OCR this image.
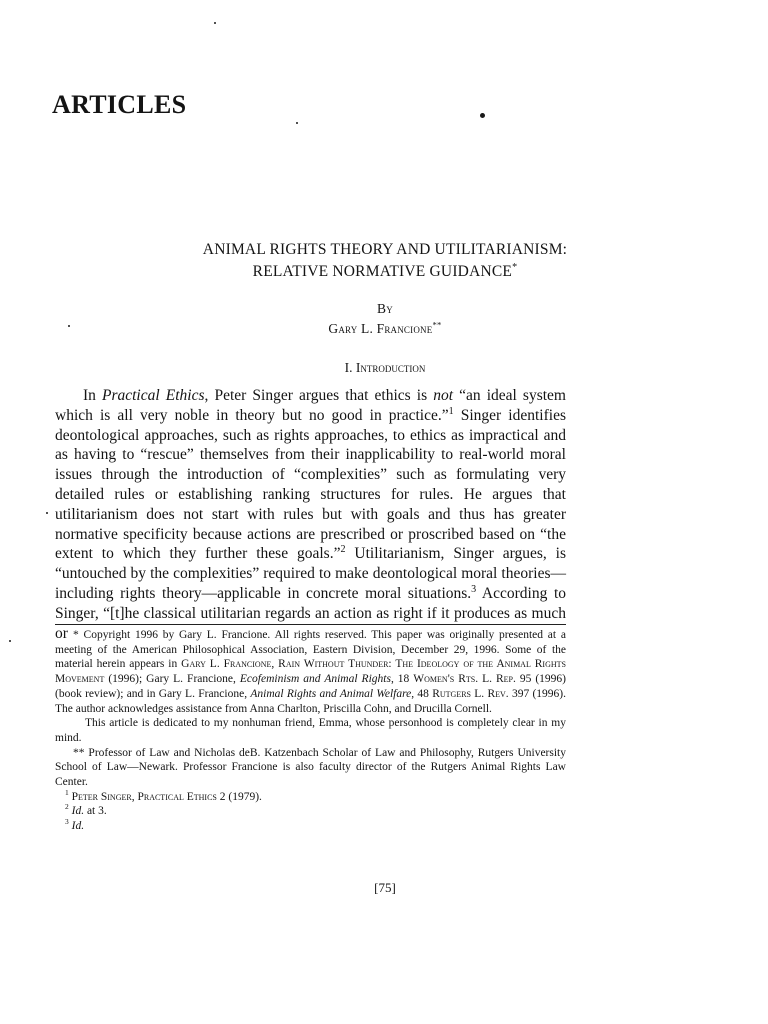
ARTICLES
ANIMAL RIGHTS THEORY AND UTILITARIANISM:
RELATIVE NORMATIVE GUIDANCE*
By
Gary L. Francione**
I. Introduction

In Practical Ethics, Peter Singer argues that ethics is not “an ideal system which is all very noble in theory but no good in practice.”$^1$ Singer identifies deontological approaches, such as rights approaches, to ethics as impractical and as having to “rescue” themselves from their inapplicability to real-world moral issues through the introduction of “complexities” such as formulating very detailed rules or establishing ranking structures for rules. He argues that utilitarianism does not start with rules but with goals and thus has greater normative specificity because actions are prescribed or proscribed based on “the extent to which they further these goals.”$^2$ Utilitarianism, Singer argues, is “untouched by the complexities” required to make deontological moral theories—including rights theory—applicable in concrete moral situations.$^3$ According to Singer, “[t]he classical utilitarian regards an action as right if it produces as much or * Copyright 1996 by Gary L. Francione. All rights reserved. This paper was originally presented at a meeting of the American Philosophical Association, Eastern Division, December 29, 1996. Some of the material herein appears in Gary L. Francione, Rain Without Thunder: The Ideology of the Animal Rights Movement (1996); Gary L. Francione, Ecofeminism and Animal Rights, 18 Women's Rts. L. Rep. 95 (1996) (book review); and in Gary L. Francione, Animal Rights and Animal Welfare, 48 Rutgers L. Rev. 397 (1996). The author acknowledges assistance from Anna Charlton, Priscilla Cohn, and Drucilla Cornell.

This article is dedicated to my nonhuman friend, Emma, whose personhood is completely clear in my mind.

** Professor of Law and Nicholas deB. Katzenbach Scholar of Law and Philosophy, Rutgers University School of Law—Newark. Professor Francione is also faculty director of the Rutgers Animal Rights Law Center.

$^1$ Peter Singer, Practical Ethics 2 (1979).

$^2$ Id. at 3.

$^3$ Id.

[75]
